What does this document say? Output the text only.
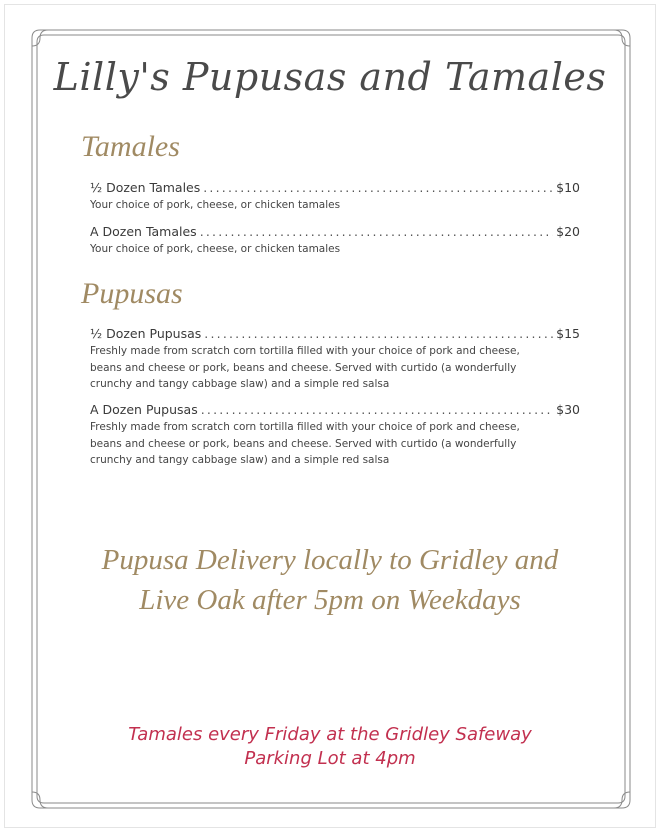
Lilly's Pupusas and Tamales
Tamales
½ Dozen Tamales .....	$10
Your choice of pork, cheese, or chicken tamales
A Dozen Tamales .....	$20
Your choice of pork, cheese, or chicken tamales
Pupusas
½ Dozen Pupusas .....	$15
Freshly made from scratch corn tortilla filled with your choice of pork and cheese, beans and cheese or pork, beans and cheese. Served with curtido (a wonderfully crunchy and tangy cabbage slaw) and a simple red salsa
A Dozen Pupusas .....	$30
Freshly made from scratch corn tortilla filled with your choice of pork and cheese, beans and cheese or pork, beans and cheese. Served with curtido (a wonderfully crunchy and tangy cabbage slaw) and a simple red salsa
Pupusa Delivery locally to Gridley and
Live Oak after 5pm on Weekdays
Tamales every Friday at the Gridley Safeway
Parking Lot at 4pm
